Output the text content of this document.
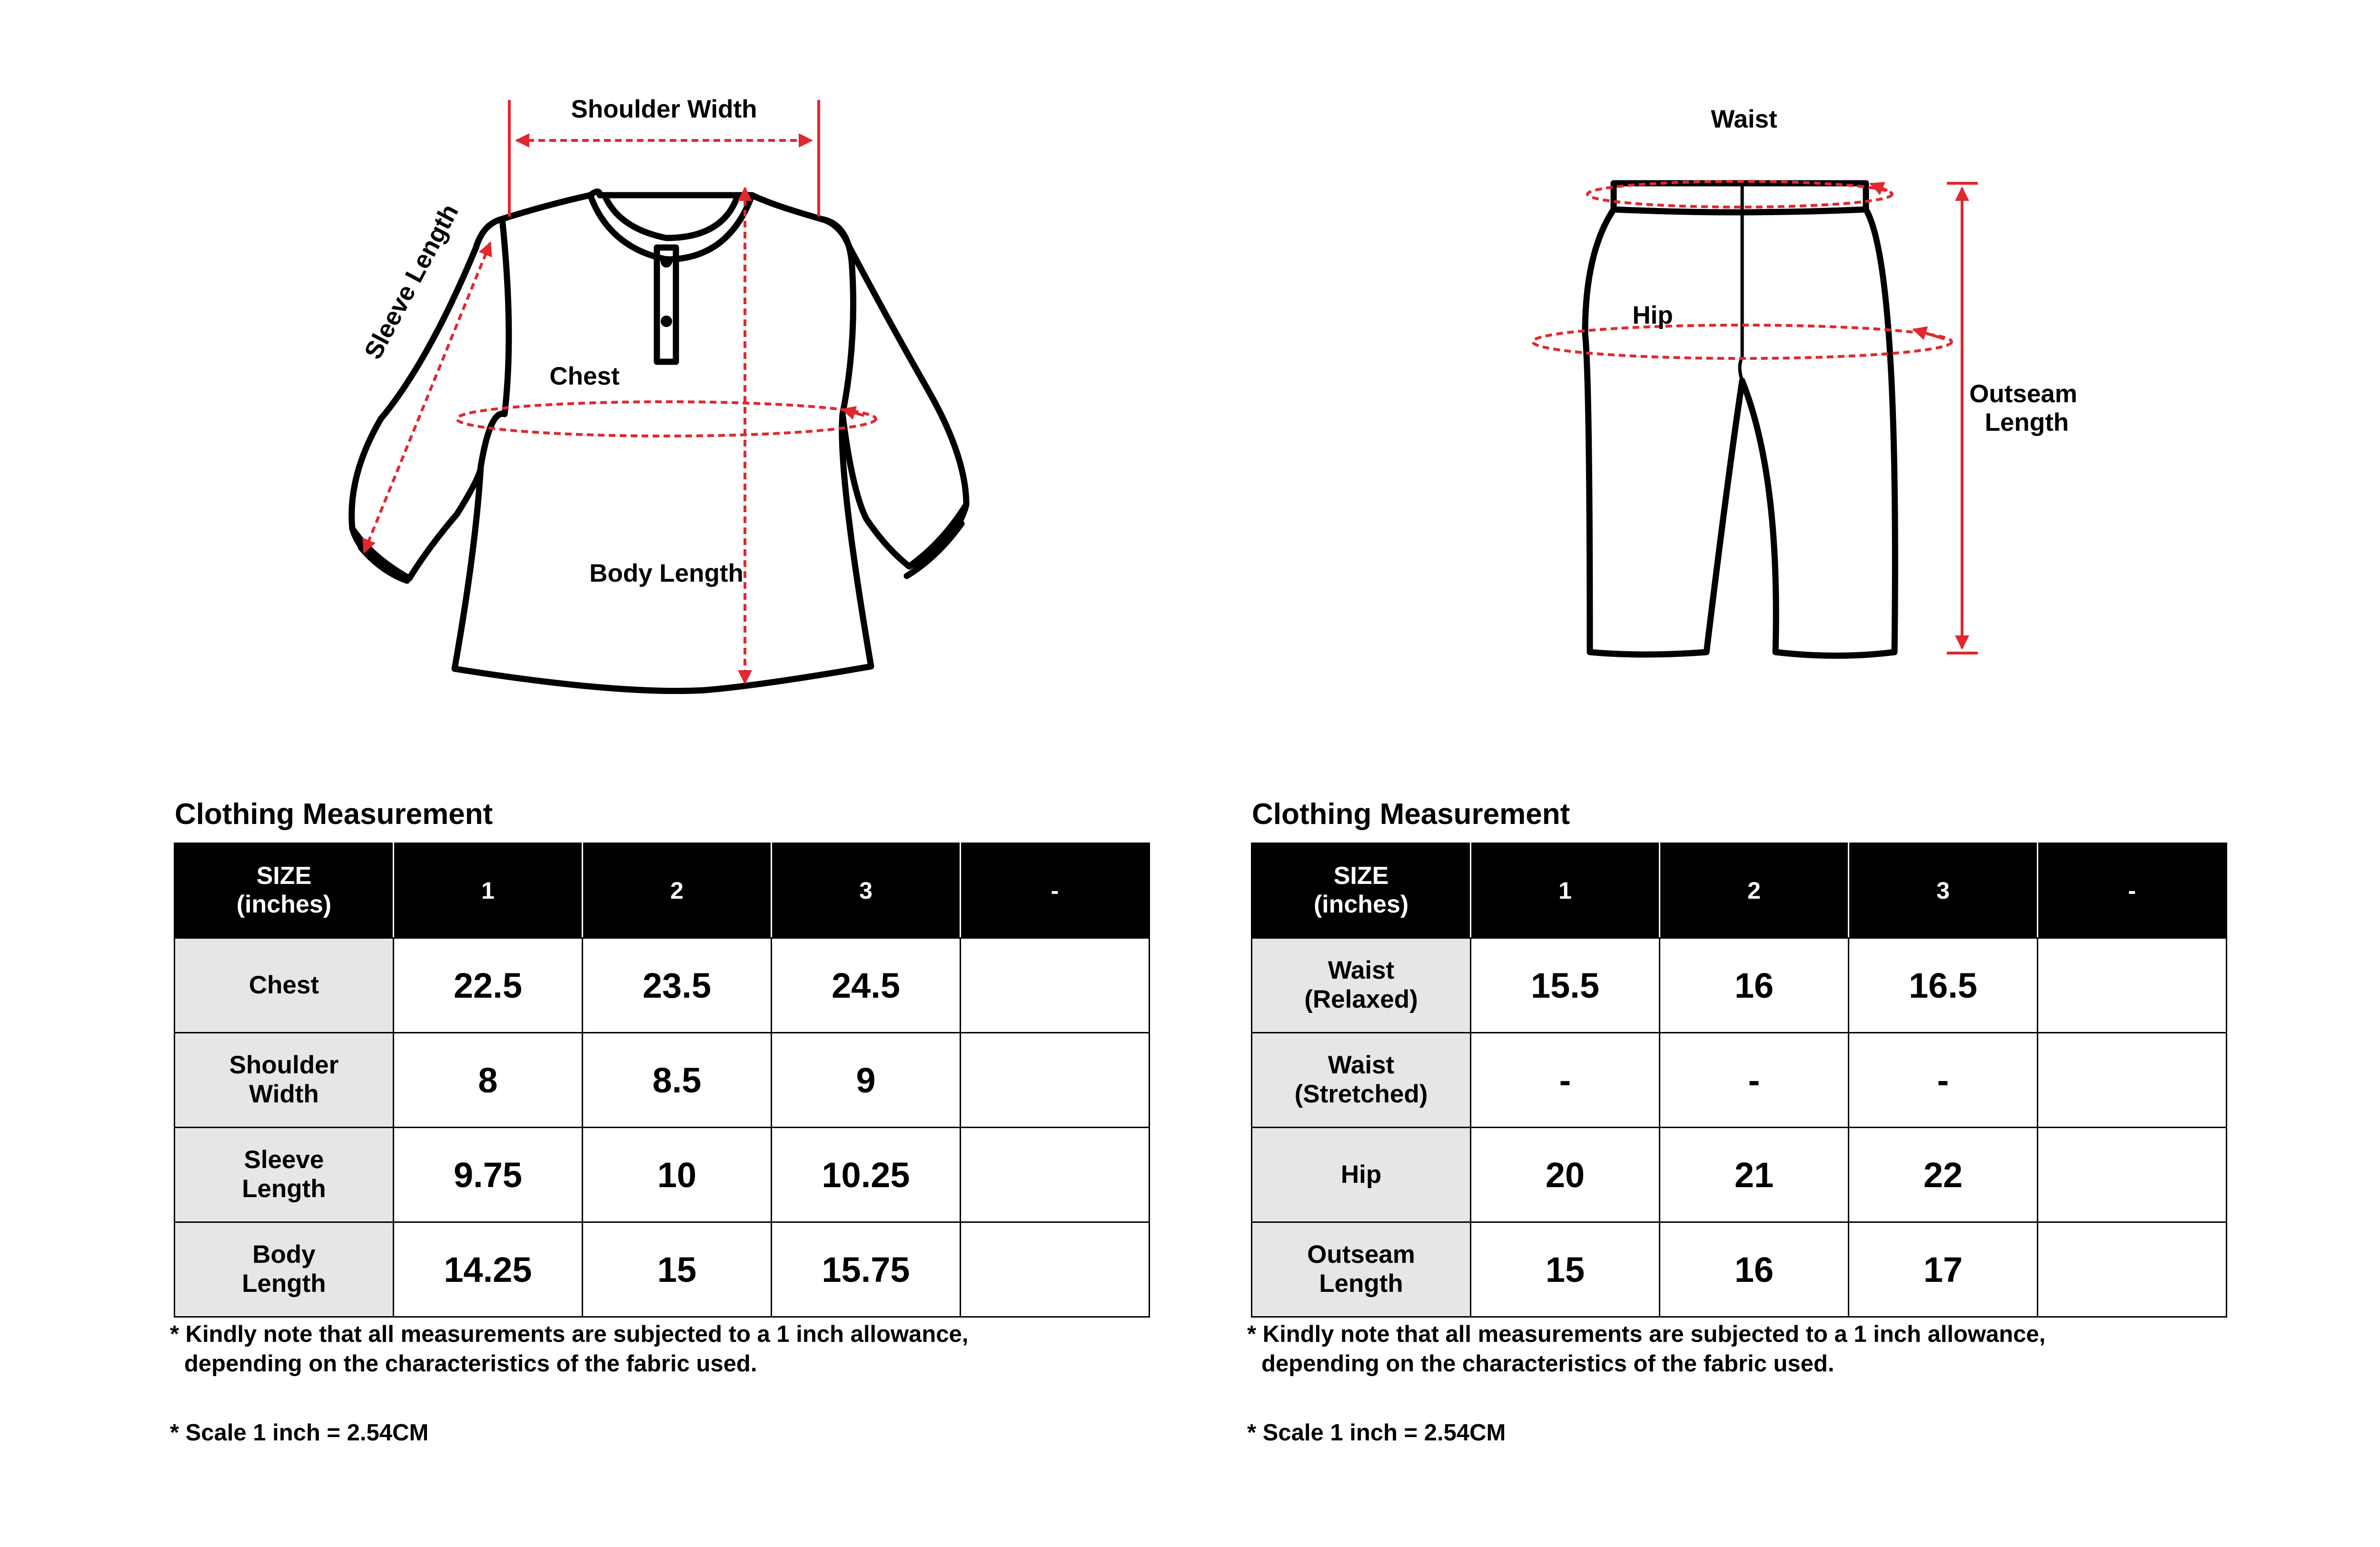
Shoulder Width
Sleeve Length
Chest
Body Length
Waist
Hip
Outseam Length
Clothing Measurement
SIZE
(inches)	1	2	3	-
Chest	22.5	23.5	24.5	
Shoulder
Width	8	8.5	9	
Sleeve
Length	9.75	10	10.25	
Body
Length	14.25	15	15.75	
* Kindly note that all measurements are subjected to a 1 inch allowance,
depending on the characteristics of the fabric used.
* Scale 1 inch = 2.54CM
Clothing Measurement
SIZE
(inches)	1	2	3	-
Waist
(Relaxed)	15.5	16	16.5	
Waist
(Stretched)	-	-	-	
Hip	20	21	22	
Outseam
Length	15	16	17	
* Kindly note that all measurements are subjected to a 1 inch allowance,
depending on the characteristics of the fabric used.
* Scale 1 inch = 2.54CM
